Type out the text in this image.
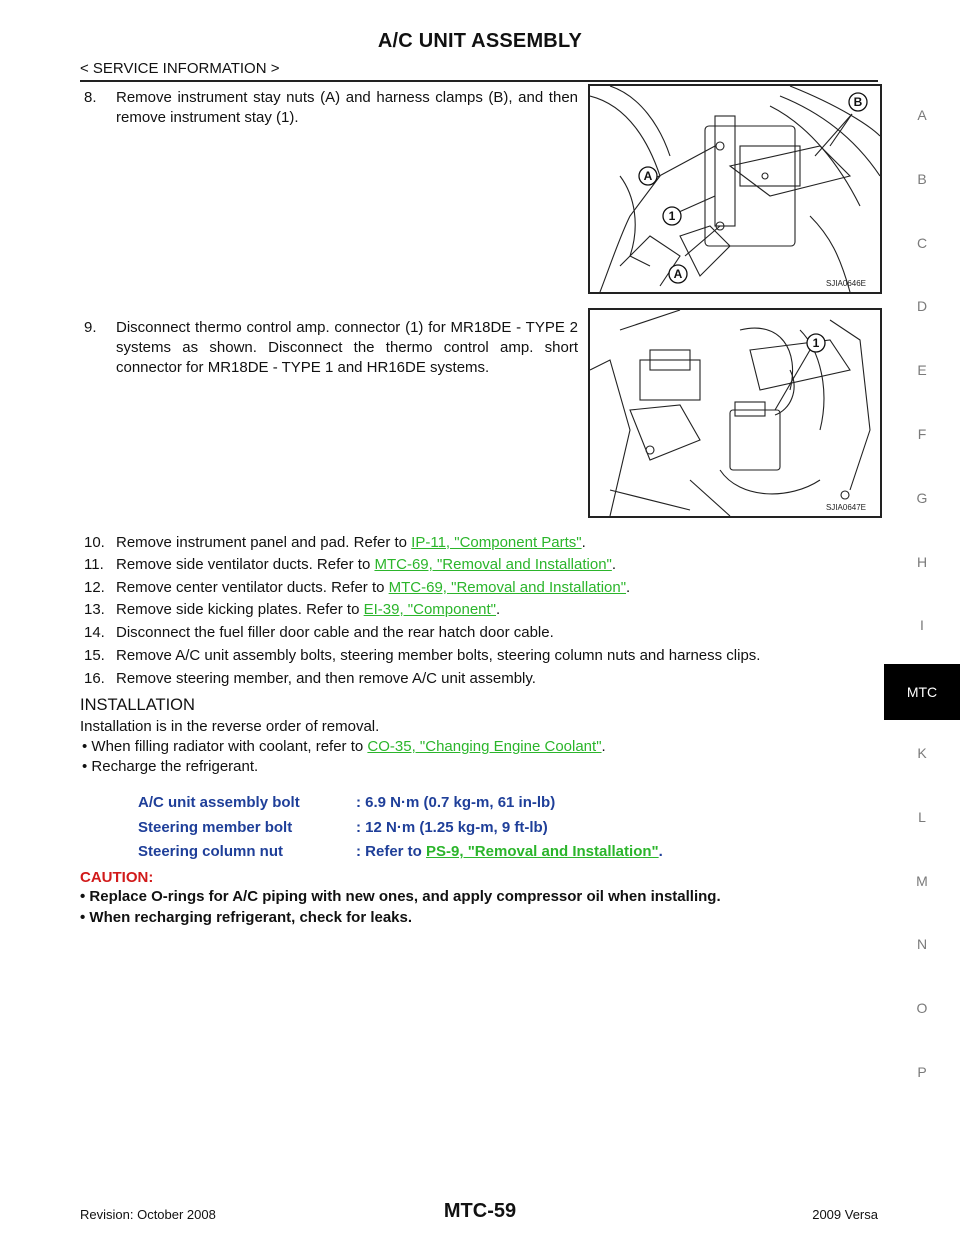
A/C UNIT ASSEMBLY
< SERVICE INFORMATION >
A
B
C
D
E
F
G
H
I
MTC
K
L
M
N
O
P
8.	Remove instrument stay nuts (A) and harness clamps (B), and then remove instrument stay (1).
B
A
1
A
SJIA0646E
9.	Disconnect thermo control amp. connector (1) for MR18DE - TYPE 2 systems as shown. Disconnect the thermo control amp. short connector for MR18DE - TYPE 1 and HR16DE systems.
1
SJIA0647E
10. Remove instrument panel and pad. Refer to IP-11, "Component Parts".
11. Remove side ventilator ducts. Refer to MTC-69, "Removal and Installation".
12. Remove center ventilator ducts. Refer to MTC-69, "Removal and Installation".
13. Remove side kicking plates. Refer to EI-39, "Component".
14. Disconnect the fuel filler door cable and the rear hatch door cable.
15. Remove A/C unit assembly bolts, steering member bolts, steering column nuts and harness clips.
16. Remove steering member, and then remove A/C unit assembly.
INSTALLATION
Installation is in the reverse order of removal.
• When filling radiator with coolant, refer to CO-35, "Changing Engine Coolant".
• Recharge the refrigerant.
A/C unit assembly bolt	: 6.9 N·m (0.7 kg-m, 61 in-lb)
Steering member bolt	: 12 N·m (1.25 kg-m, 9 ft-lb)
Steering column nut	: Refer to PS-9, "Removal and Installation".
CAUTION:
• Replace O-rings for A/C piping with new ones, and apply compressor oil when installing.
• When recharging refrigerant, check for leaks.
Revision: October 2008	MTC-59	2009 Versa
